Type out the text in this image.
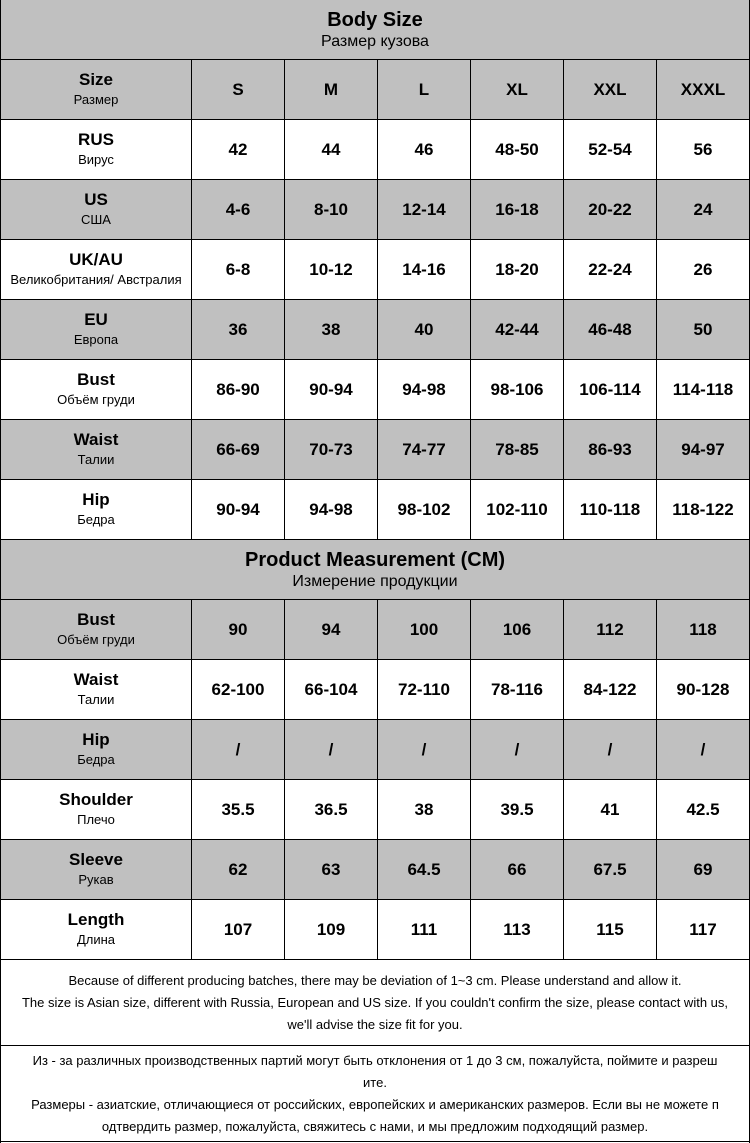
Body Size
Размер кузова
Size
Размер
S	M	L	XL	XXL	XXXL
RUS
Вирус
42	44	46	48-50	52-54	56
US
США
4-6	8-10	12-14	16-18	20-22	24
UK/AU
Великобритания/ Австралия
6-8	10-12	14-16	18-20	22-24	26
EU
Европа
36	38	40	42-44	46-48	50
Bust
Объём груди
86-90	90-94	94-98	98-106	106-114	114-118
Waist
Талии
66-69	70-73	74-77	78-85	86-93	94-97
Hip
Бедра
90-94	94-98	98-102	102-110	110-118	118-122
Product Measurement (CM)
Измерение продукции
Bust
Объём груди
90	94	100	106	112	118
Waist
Талии
62-100	66-104	72-110	78-116	84-122	90-128
Hip
Бедра
/	/	/	/	/	/
Shoulder
Плечо
35.5	36.5	38	39.5	41	42.5
Sleeve
Рукав
62	63	64.5	66	67.5	69
Length
Длина
107	109	111	113	115	117
Because of different producing batches, there may be deviation of 1~3 cm. Please understand and allow it.
The size is Asian size, different with Russia, European and US size. If you couldn't confirm the size, please contact with us,
we'll advise the size fit for you.
Из - за различных производственных партий могут быть отклонения от 1 до 3 см, пожалуйста, поймите и разреш
ите.
Размеры - азиатские, отличающиеся от российских, европейских и американских размеров. Если вы не можете п
одтвердить размер, пожалуйста, свяжитесь с нами, и мы предложим подходящий размер.
